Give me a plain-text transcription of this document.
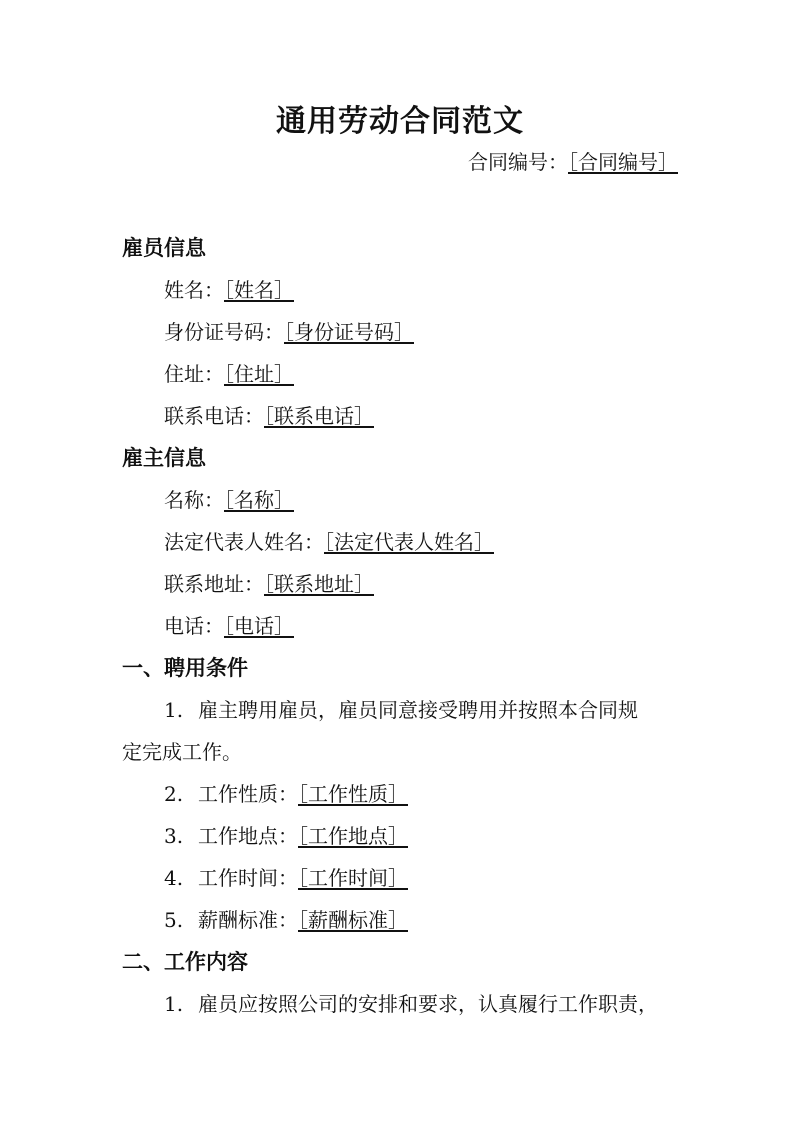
通用劳动合同范文
合同编号：［合同编号］
雇员信息
姓名：［姓名］
身份证号码：［身份证号码］
住址：［住址］
联系电话：［联系电话］
雇主信息
名称：［名称］
法定代表人姓名：［法定代表人姓名］
联系地址：［联系地址］
电话：［电话］
一、聘用条件
1. 雇主聘用雇员，雇员同意接受聘用并按照本合同规
定完成工作。
2. 工作性质：［工作性质］
3. 工作地点：［工作地点］
4. 工作时间：［工作时间］
5. 薪酬标准：［薪酬标准］
二、工作内容
1. 雇员应按照公司的安排和要求，认真履行工作职责，
